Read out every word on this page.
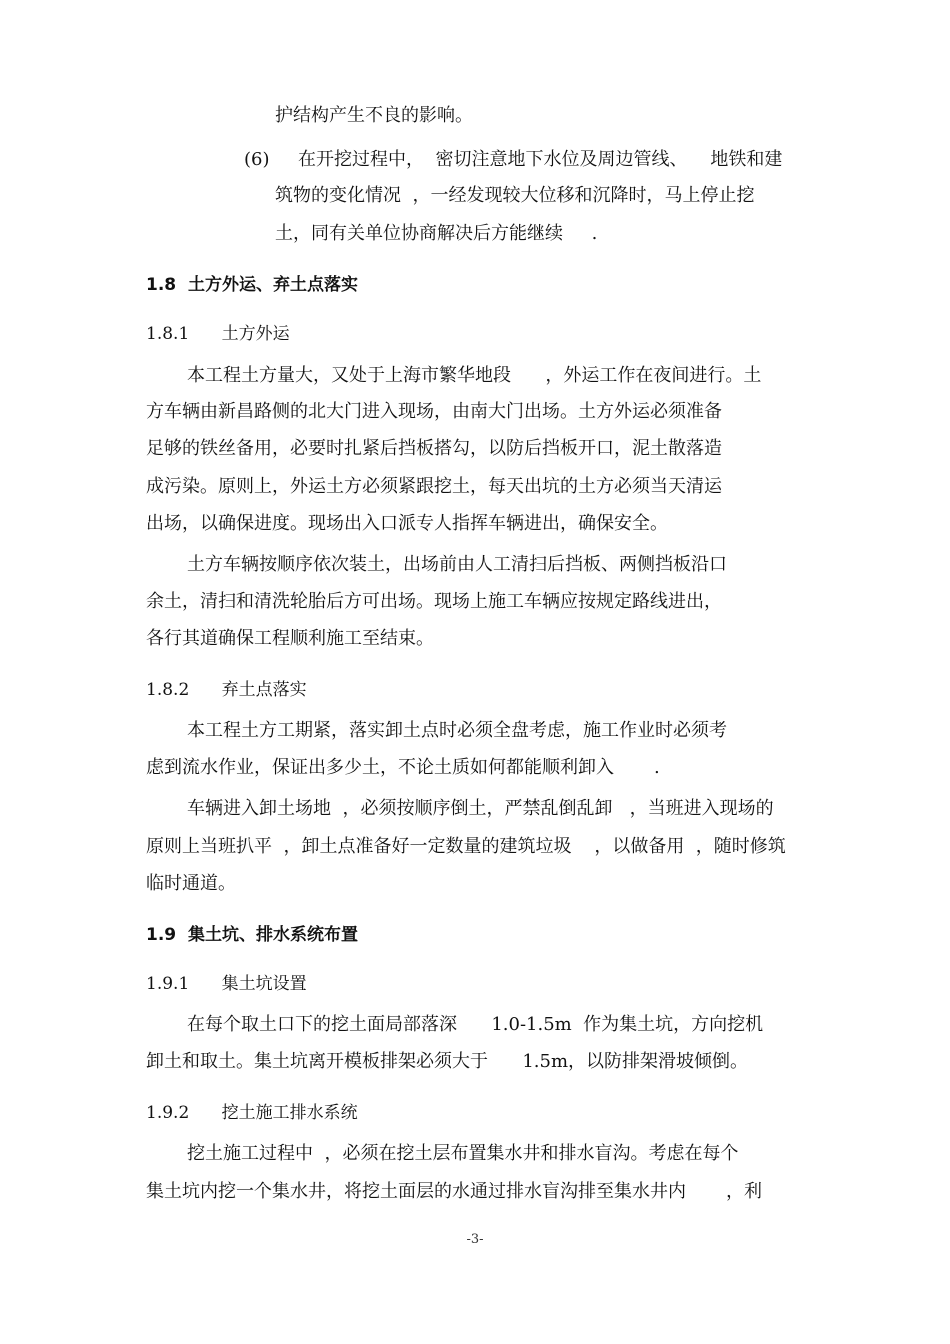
护结构产生不良的影响。
(6) 在开挖过程中，  密切注意地下水位及周边管线、    地铁和建
筑物的变化情况  ，一经发现较大位移和沉降时，马上停止挖
土，同有关单位协商解决后方能继续     .
1.8  土方外运、弃土点落实
1.8.1      土方外运
本工程土方量大，又处于上海市繁华地段      ，外运工作在夜间进行。土
方车辆由新昌路侧的北大门进入现场，由南大门出场。土方外运必须准备
足够的铁丝备用，必要时扎紧后挡板搭勾，以防后挡板开口，泥土散落造
成污染。原则上，外运土方必须紧跟挖土，每天出坑的土方必须当天清运
出场，以确保进度。现场出入口派专人指挥车辆进出，确保安全。
土方车辆按顺序依次装土，出场前由人工清扫后挡板、两侧挡板沿口
余土，清扫和清洗轮胎后方可出场。现场上施工车辆应按规定路线进出，
各行其道确保工程顺利施工至结束。
1.8.2      弃土点落实
本工程土方工期紧，落实卸土点时必须全盘考虑，施工作业时必须考
虑到流水作业，保证出多少土，不论土质如何都能顺利卸入       .
车辆进入卸土场地  ，必须按顺序倒土，严禁乱倒乱卸   ，当班进入现场的
原则上当班扒平  ，卸土点准备好一定数量的建筑垃圾    ，以做备用  ，随时修筑
临时通道。
1.9  集土坑、排水系统布置
1.9.1      集土坑设置
在每个取土口下的挖土面局部落深      1.0-1.5m  作为集土坑，方向挖机
卸土和取土。集土坑离开模板排架必须大于      1.5m，以防排架滑坡倾倒。
1.9.2      挖土施工排水系统
挖土施工过程中  ，必须在挖土层布置集水井和排水盲沟。考虑在每个
集土坑内挖一个集水井，将挖土面层的水通过排水盲沟排至集水井内       ，利
-3-
